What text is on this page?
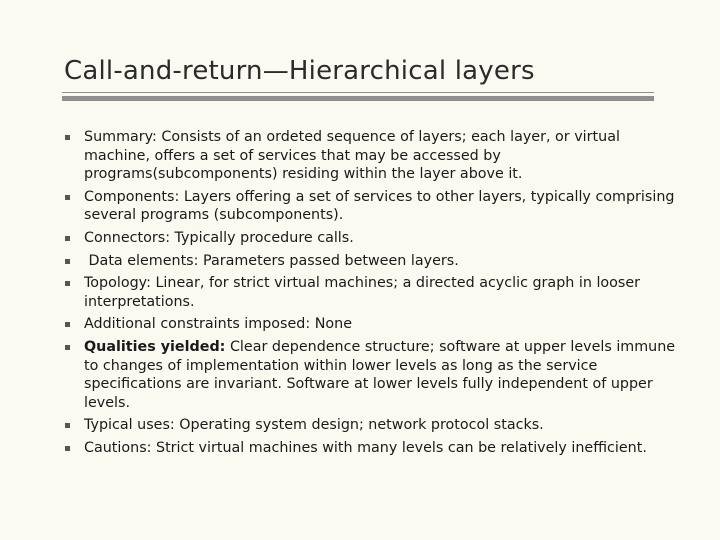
Call-and-return—Hierarchical layers
Summary: Consists of an ordeted sequence of layers; each layer, or virtual machine, offers a set of services that may be accessed by programs(subcomponents) residing within the layer above it.
Components: Layers offering a set of services to other layers, typically comprising several programs (subcomponents).
Connectors: Typically procedure calls.
Data elements: Parameters passed between layers.
Topology: Linear, for strict virtual machines; a directed acyclic graph in looser interpretations.
Additional constraints imposed: None
Qualities yielded: Clear dependence structure; software at upper levels immune to changes of implementation within lower levels as long as the service specifications are invariant. Software at lower levels fully independent of upper levels.
Typical uses: Operating system design; network protocol stacks.
Cautions: Strict virtual machines with many levels can be relatively inefficient.
